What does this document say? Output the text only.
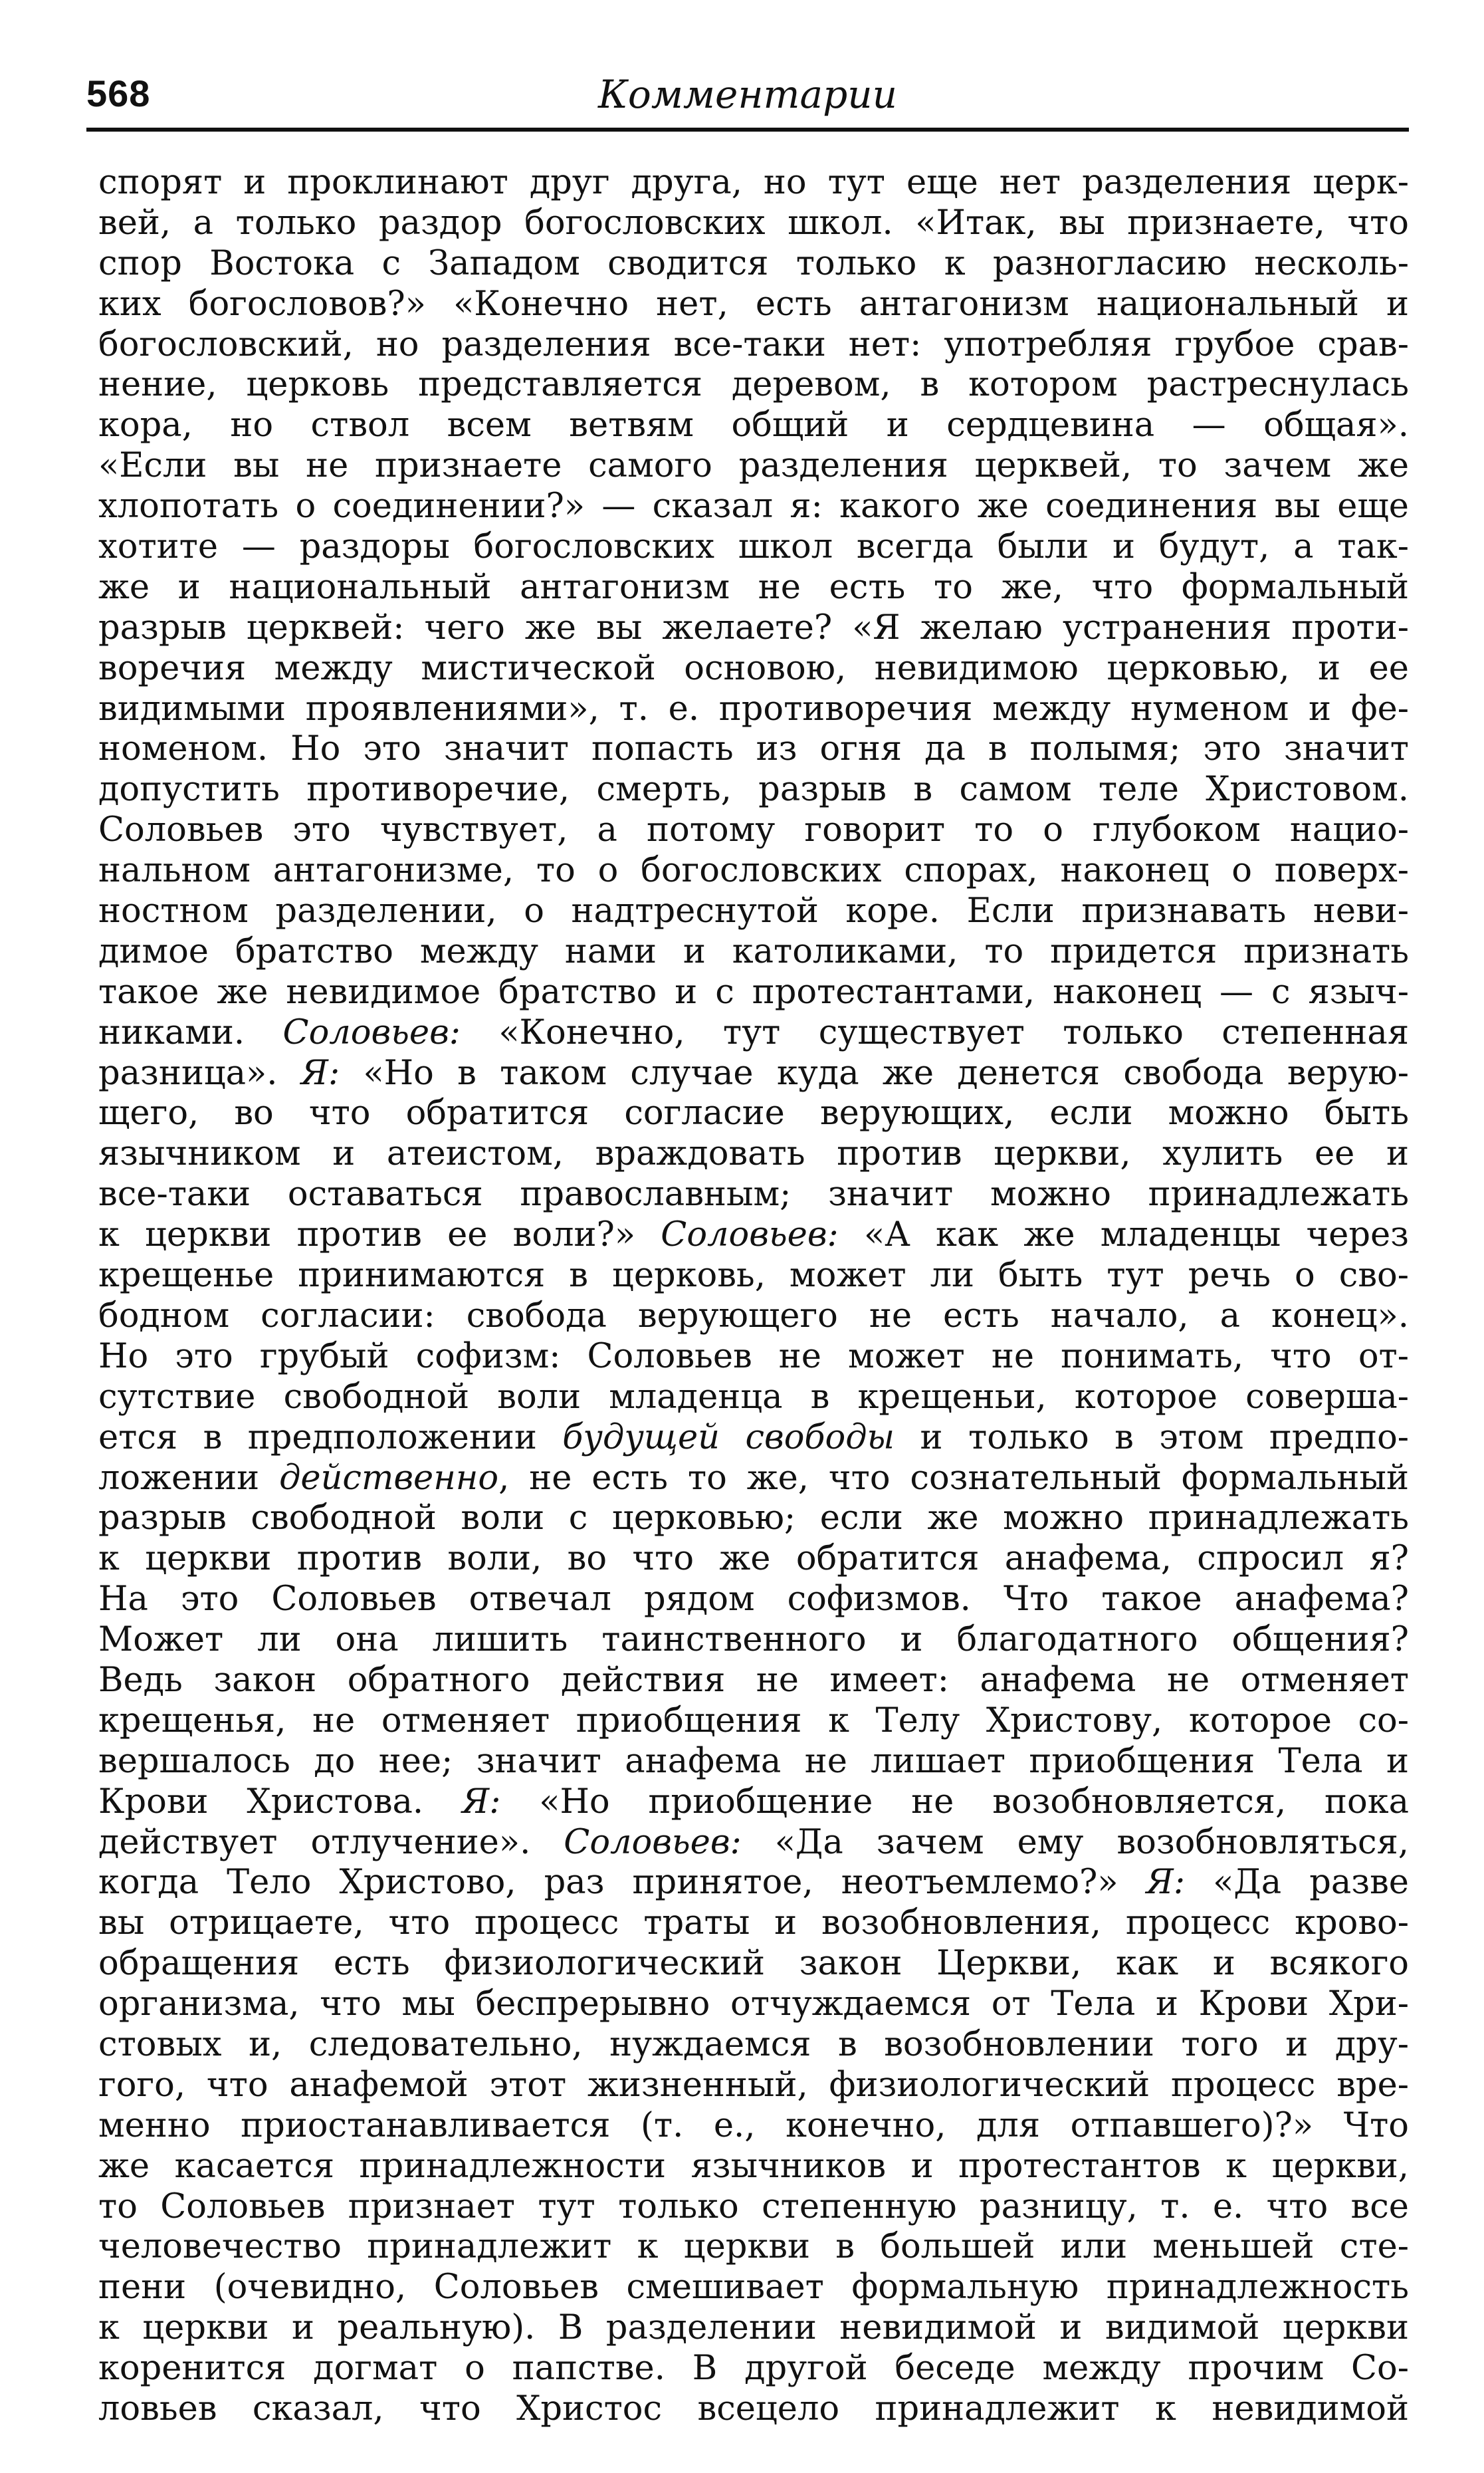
568	Комментарии
спорят и проклинают друг друга, но тут еще нет разделения церк-
вей, а только раздор богословских школ. «Итак, вы признаете, что
спор Востока с Западом сводится только к разногласию несколь-
ких богословов?» «Конечно нет, есть антагонизм национальный и
богословский, но разделения все-таки нет: употребляя грубое срав-
нение, церковь представляется деревом, в котором растреснулась
кора, но ствол всем ветвям общий и сердцевина — общая».
«Если вы не признаете самого разделения церквей, то зачем же
хлопотать о соединении?» — сказал я: какого же соединения вы еще
хотите — раздоры богословских школ всегда были и будут, а так-
же и национальный антагонизм не есть то же, что формальный
разрыв церквей: чего же вы желаете? «Я желаю устранения проти-
воречия между мистической основою, невидимою церковью, и ее
видимыми проявлениями», т. е. противоречия между нуменом и фе-
номеном. Но это значит попасть из огня да в полымя; это значит
допустить противоречие, смерть, разрыв в самом теле Христовом.
Соловьев это чувствует, а потому говорит то о глубоком нацио-
нальном антагонизме, то о богословских спорах, наконец о поверх-
ностном разделении, о надтреснутой коре. Если признавать неви-
димое братство между нами и католиками, то придется признать
такое же невидимое братство и с протестантами, наконец — с языч-
никами. Соловьев: «Конечно, тут существует только степенная
разница». Я: «Но в таком случае куда же денется свобода верую-
щего, во что обратится согласие верующих, если можно быть
язычником и атеистом, враждовать против церкви, хулить ее и
все-таки оставаться православным; значит можно принадлежать
к церкви против ее воли?» Соловьев: «А как же младенцы через
крещенье принимаются в церковь, может ли быть тут речь о сво-
бодном согласии: свобода верующего не есть начало, а конец».
Но это грубый софизм: Соловьев не может не понимать, что от-
сутствие свободной воли младенца в крещеньи, которое соверша-
ется в предположении будущей свободы и только в этом предпо-
ложении действенно, не есть то же, что сознательный формальный
разрыв свободной воли с церковью; если же можно принадлежать
к церкви против воли, во что же обратится анафема, спросил я?
На это Соловьев отвечал рядом софизмов. Что такое анафема?
Может ли она лишить таинственного и благодатного общения?
Ведь закон обратного действия не имеет: анафема не отменяет
крещенья, не отменяет приобщения к Телу Христову, которое со-
вершалось до нее; значит анафема не лишает приобщения Тела и
Крови Христова. Я: «Но приобщение не возобновляется, пока
действует отлучение». Соловьев: «Да зачем ему возобновляться,
когда Тело Христово, раз принятое, неотъемлемо?» Я: «Да разве
вы отрицаете, что процесс траты и возобновления, процесс крово-
обращения есть физиологический закон Церкви, как и всякого
организма, что мы беспрерывно отчуждаемся от Тела и Крови Хри-
стовых и, следовательно, нуждаемся в возобновлении того и дру-
гого, что анафемой этот жизненный, физиологический процесс вре-
менно приостанавливается (т. е., конечно, для отпавшего)?» Что
же касается принадлежности язычников и протестантов к церкви,
то Соловьев признает тут только степенную разницу, т. е. что все
человечество принадлежит к церкви в большей или меньшей сте-
пени (очевидно, Соловьев смешивает формальную принадлежность
к церкви и реальную). В разделении невидимой и видимой церкви
коренится догмат о папстве. В другой беседе между прочим Со-
ловьев сказал, что Христос всецело принадлежит к невидимой
